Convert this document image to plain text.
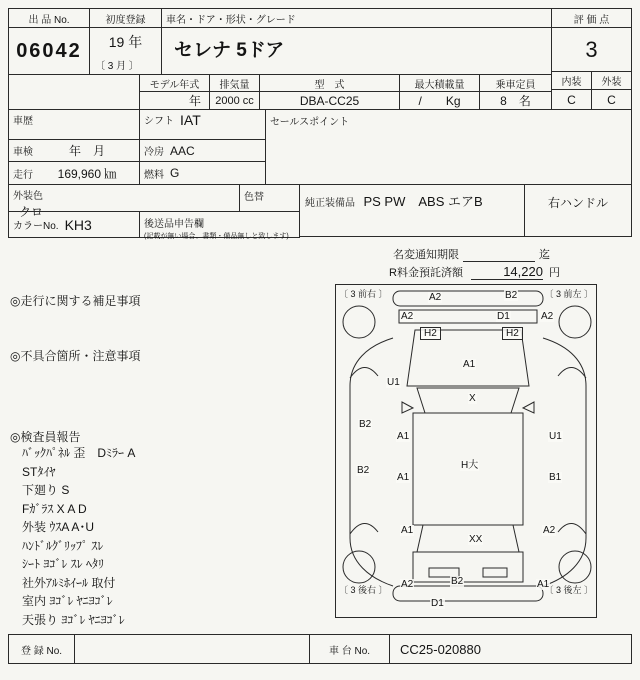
出 品 No.
06042
初度登録
19 年
〔 3 月 〕
車名・ドア・形状・グレード
セレナ 5ドア
評 価 点
3
内装	外装
C	C
モデル年式
年
排気量
2000 cc
型　式
DBA-CC25
最大積載量
/　　Kg
乗車定員
8　名
車歴
車検	年　月
走行	169,960 ㎞
シフト IAT
冷房 AAC
燃料 G
セールスポイント
外装色
クロ
色替
純正装備品 PS PW　ABS エアB	右ハンドル
カラーNo. KH3	後送品申告欄
(記載が無い場合、書類・備品無しと致します)
名変通知期限	迄
R料金預託済額	14,220 円
◎走行に関する補足事項
◎不具合箇所・注意事項
◎検査員報告
ﾊﾞｯｸﾊﾟﾈﾙ 歪　Dﾐﾗｰ A
STﾀｲﾔ
下廻り S
Fｶﾞﾗｽ X A D
外装 ｳｽA A･U
ﾊﾝﾄﾞﾙｸﾞﾘｯﾌﾟ ｽﾚ
ｼｰﾄ ﾖｺﾞﾚ ｽﾚ ﾍﾀﾘ
社外ｱﾙﾐﾎｲｰﾙ 取付
室内 ﾖｺﾞﾚ ﾔﾆﾖｺﾞﾚ
天張り ﾖｺﾞﾚ ﾔﾆﾖｺﾞﾚ
A2	B2
A2	D1	A2
H2	H2
U1
A1
X
B2
A1	U1
B2
A1
H大
B1
A1
XX
A2
A2	B2	A1
D1
〔 3 前右 〕	〔 3 前左 〕
〔 3 後右 〕	〔 3 後左 〕
登 録 No.	車 台 No.	CC25-020880
